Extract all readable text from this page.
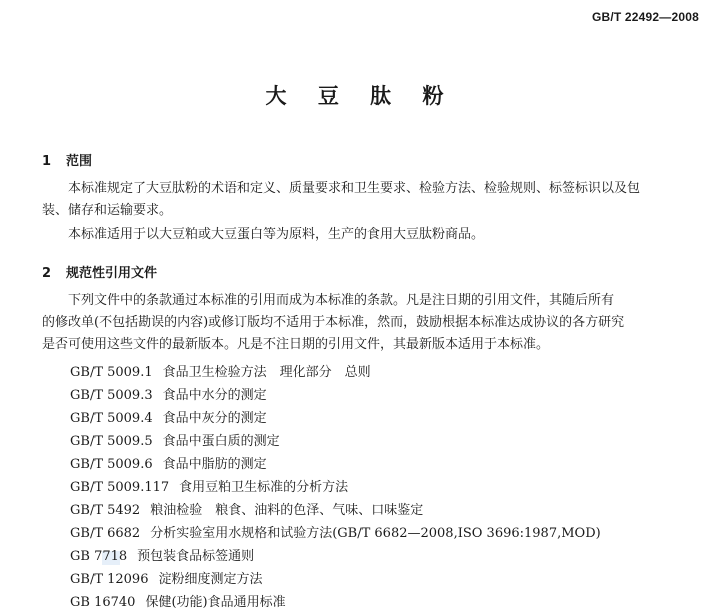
GB/T 22492—2008
大 豆 肽 粉
1 范围
本标准规定了大豆肽粉的术语和定义、质量要求和卫生要求、检验方法、检验规则、标签标识以及包
装、储存和运输要求。
本标准适用于以大豆粕或大豆蛋白等为原料，生产的食用大豆肽粉商品。
2 规范性引用文件
下列文件中的条款通过本标准的引用而成为本标准的条款。凡是注日期的引用文件，其随后所有
的修改单(不包括勘误的内容)或修订版均不适用于本标准，然而，鼓励根据本标准达成协议的各方研究
是否可使用这些文件的最新版本。凡是不注日期的引用文件，其最新版本适用于本标准。
GB/T 5009.1 食品卫生检验方法　理化部分　总则
GB/T 5009.3 食品中水分的测定
GB/T 5009.4 食品中灰分的测定
GB/T 5009.5 食品中蛋白质的测定
GB/T 5009.6 食品中脂肪的测定
GB/T 5009.117 食用豆粕卫生标准的分析方法
GB/T 5492 粮油检验　粮食、油料的色泽、气味、口味鉴定
GB/T 6682 分析实验室用水规格和试验方法(GB/T 6682—2008,ISO 3696:1987,MOD)
GB 7718 预包装食品标签通则
GB/T 12096 淀粉细度测定方法
GB 16740 保健(功能)食品通用标准
